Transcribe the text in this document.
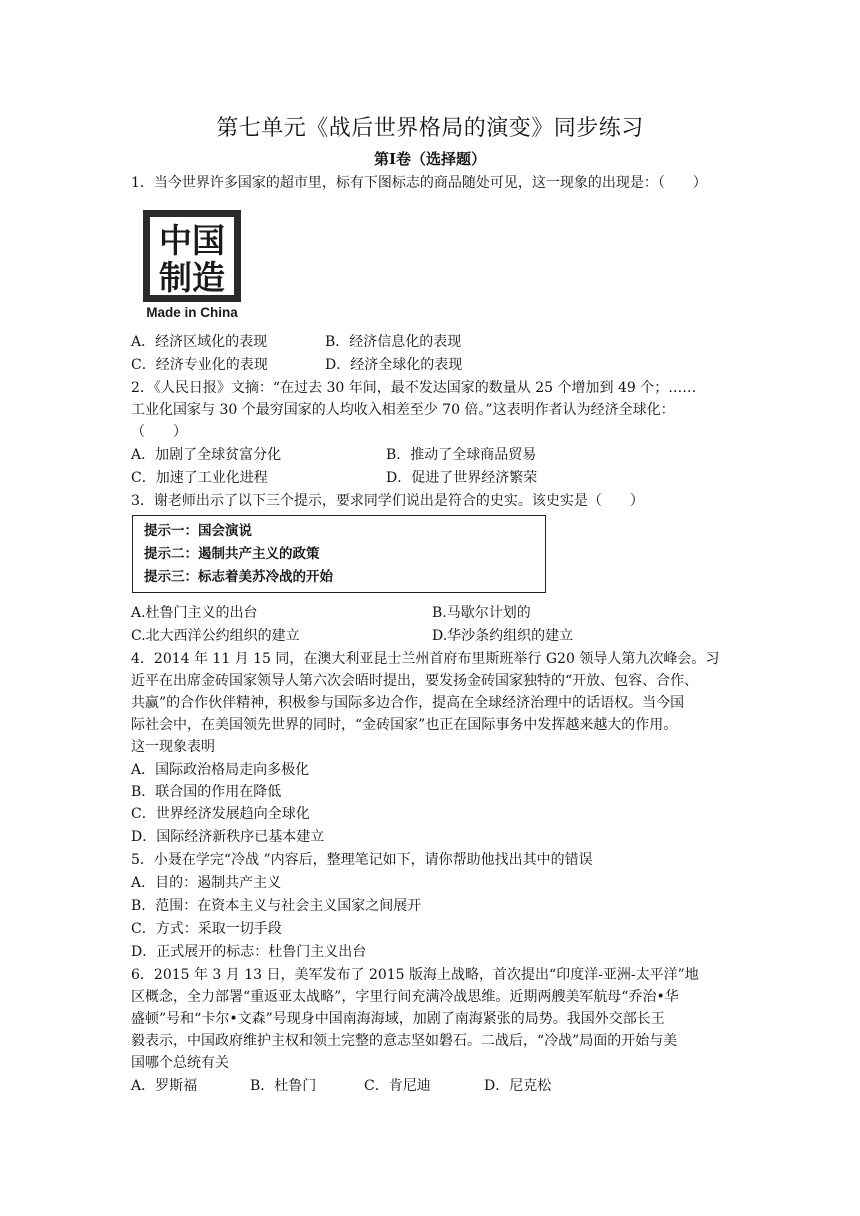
第七单元《战后世界格局的演变》同步练习
第Ⅰ卷（选择题）
1．当今世界许多国家的超市里，标有下图标志的商品随处可见，这一现象的出现是：（　　）
中国
制造
Made in China
A．经济区域化的表现	B．经济信息化的表现
C．经济专业化的表现	D．经济全球化的表现
2．《人民日报》文摘：“在过去 30 年间，最不发达国家的数量从 25 个增加到 49 个；……
工业化国家与 30 个最穷国家的人均收入相差至少 70 倍。”这表明作者认为经济全球化：
（　　）
A．加剧了全球贫富分化	B．推动了全球商品贸易
C．加速了工业化进程	D．促进了世界经济繁荣
3．谢老师出示了以下三个提示，要求同学们说出是符合的史实。该史实是（　　）
提示一：国会演说
提示二：遏制共产主义的政策
提示三：标志着美苏冷战的开始
A.杜鲁门主义的出台	B.马歇尔计划的
C.北大西洋公约组织的建立	D.华沙条约组织的建立
4．2014 年 11 月 15 同，在澳大利亚昆士兰州首府布里斯班举行 G20 领导人第九次峰会。习
近平在出席金砖国家领导人第六次会晤时提出，要发扬金砖国家独特的“开放、包容、合作、
共赢”的合作伙伴精神，积极参与国际多边合作，提高在全球经济治理中的话语权。当今国
际社会中，在美国领先世界的同时，“金砖国家”也正在国际事务中发挥越来越大的作用。
这一现象表明
A．国际政治格局走向多极化
B．联合国的作用在降低
C．世界经济发展趋向全球化
D．国际经济新秩序已基本建立
5．小聂在学完“冷战 ”内容后，整理笔记如下，请你帮助他找出其中的错误
A．目的：遏制共产主义
B．范围：在资本主义与社会主义国家之间展开
C．方式：采取一切手段
D．正式展开的标志：杜鲁门主义出台
6．2015 年 3 月 13 日，美军发布了 2015 版海上战略，首次提出“印度洋-亚洲-太平洋”地
区概念，全力部署“重返亚太战略”，字里行间充满冷战思维。近期两艘美军航母“乔治•华
盛顿”号和“卡尔•文森”号现身中国南海海域，加剧了南海紧张的局势。我国外交部长王
毅表示，中国政府维护主权和领土完整的意志坚如磐石。二战后，“冷战”局面的开始与美
国哪个总统有关
A．罗斯福	B．杜鲁门	C．肯尼迪	D．尼克松
